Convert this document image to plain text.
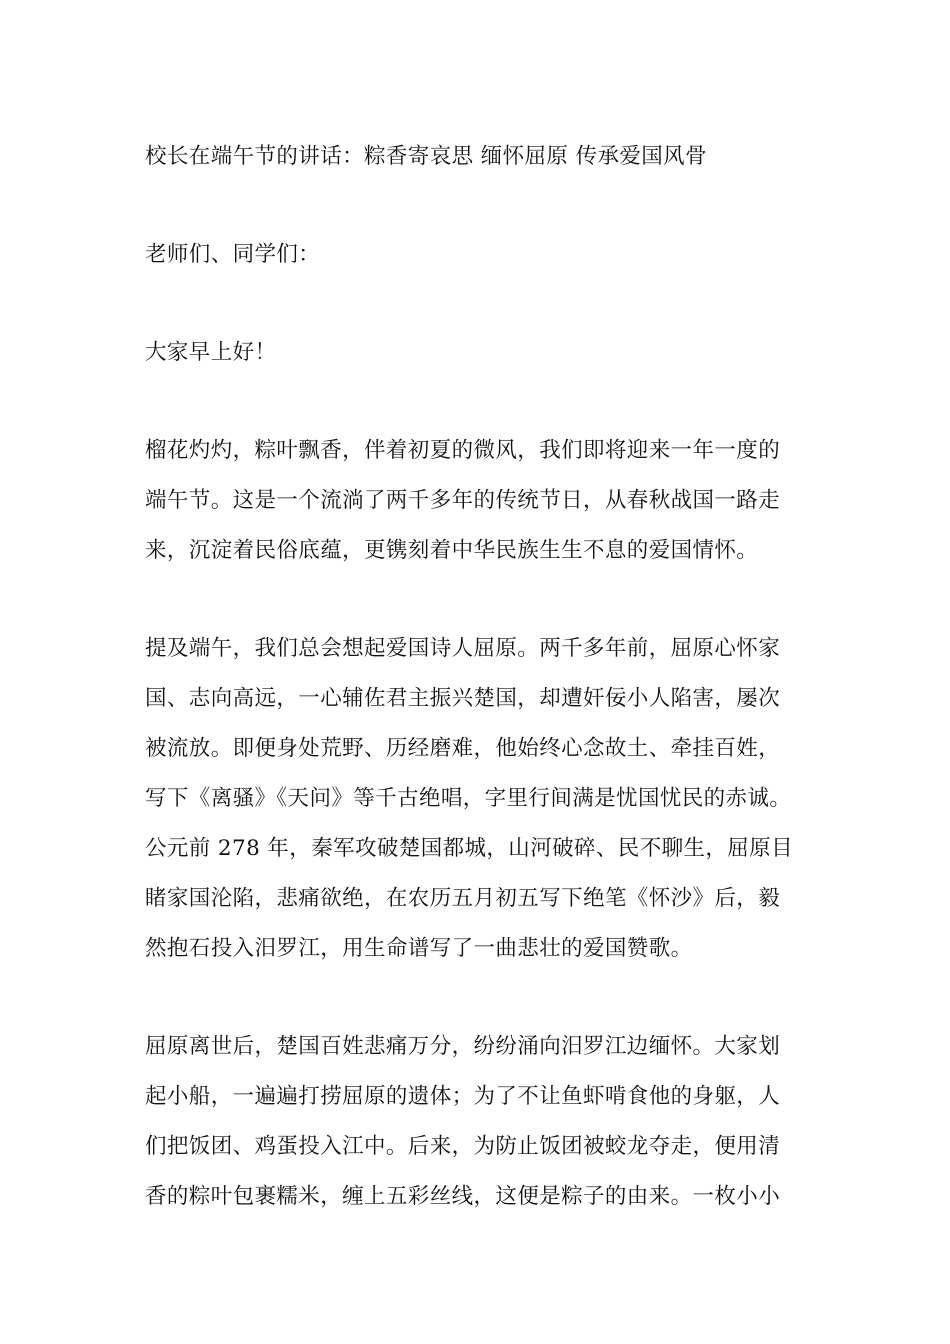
校长在端午节的讲话：粽香寄哀思 缅怀屈原 传承爱国风骨

老师们、同学们：

大家早上好！

榴花灼灼，粽叶飘香，伴着初夏的微风，我们即将迎来一年一度的
端午节。这是一个流淌了两千多年的传统节日，从春秋战国一路走
来，沉淀着民俗底蕴，更镌刻着中华民族生生不息的爱国情怀。

提及端午，我们总会想起爱国诗人屈原。两千多年前，屈原心怀家
国、志向高远，一心辅佐君主振兴楚国，却遭奸佞小人陷害，屡次
被流放。即便身处荒野、历经磨难，他始终心念故土、牵挂百姓，
写下《离骚》《天问》等千古绝唱，字里行间满是忧国忧民的赤诚。
公元前 278 年，秦军攻破楚国都城，山河破碎、民不聊生，屈原目
睹家国沦陷，悲痛欲绝，在农历五月初五写下绝笔《怀沙》后，毅
然抱石投入汨罗江，用生命谱写了一曲悲壮的爱国赞歌。

屈原离世后，楚国百姓悲痛万分，纷纷涌向汨罗江边缅怀。大家划
起小船，一遍遍打捞屈原的遗体；为了不让鱼虾啃食他的身躯，人
们把饭团、鸡蛋投入江中。后来，为防止饭团被蛟龙夺走，便用清
香的粽叶包裹糯米，缠上五彩丝线，这便是粽子的由来。一枚小小
